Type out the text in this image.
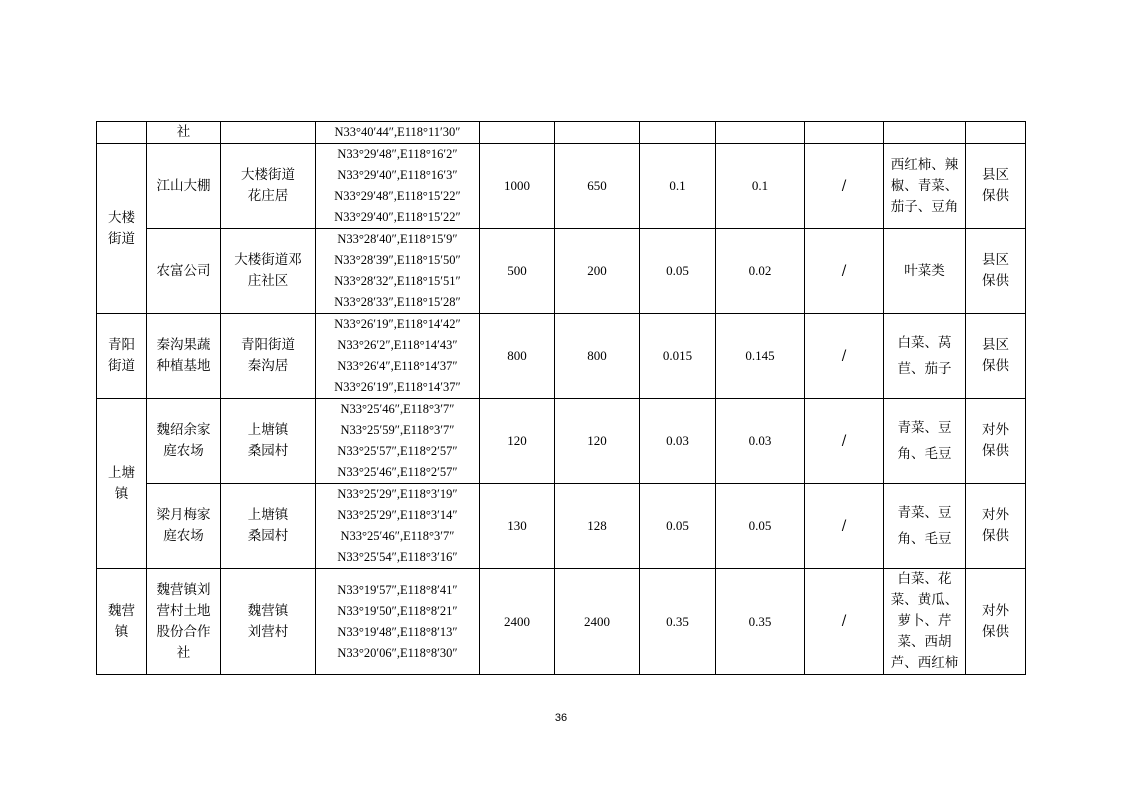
	社		N33°40′44″,E118°11′30″							

大楼街道	江山大棚	大楼街道花庄居	N33°29′48″,E118°16′2″
N33°29′40″,E118°16′3″
N33°29′48″,E118°15′22″
N33°29′40″,E118°15′22″	1000	650	0.1	0.1	/	西红柿、辣椒、青菜、茄子、豆角	县区保供
	农富公司	大楼街道邓庄社区	N33°28′40″,E118°15′9″
N33°28′39″,E118°15′50″
N33°28′32″,E118°15′51″
N33°28′33″,E118°15′28″	500	200	0.05	0.02	/	叶菜类	县区保供
青阳街道	秦沟果蔬种植基地	青阳街道秦沟居	N33°26′19″,E118°14′42″
N33°26′2″,E118°14′43″
N33°26′4″,E118°14′37″
N33°26′19″,E118°14′37″	800	800	0.015	0.145	/	白菜、莴苣、茄子	县区保供
上塘镇	魏绍余家庭农场	上塘镇桑园村	N33°25′46″,E118°3′7″
N33°25′59″,E118°3′7″
N33°25′57″,E118°2′57″
N33°25′46″,E118°2′57″	120	120	0.03	0.03	/	青菜、豆角、毛豆	对外保供
	梁月梅家庭农场	上塘镇桑园村	N33°25′29″,E118°3′19″
N33°25′29″,E118°3′14″
N33°25′46″,E118°3′7″
N33°25′54″,E118°3′16″	130	128	0.05	0.05	/	青菜、豆角、毛豆	对外保供
魏营镇	魏营镇刘营村土地股份合作社	魏营镇刘营村	N33°19′57″,E118°8′41″
N33°19′50″,E118°8′21″
N33°19′48″,E118°8′13″
N33°20′06″,E118°8′30″	2400	2400	0.35	0.35	/	白菜、花菜、黄瓜、萝卜、芹菜、西胡芦、西红柿	对外保供
36
